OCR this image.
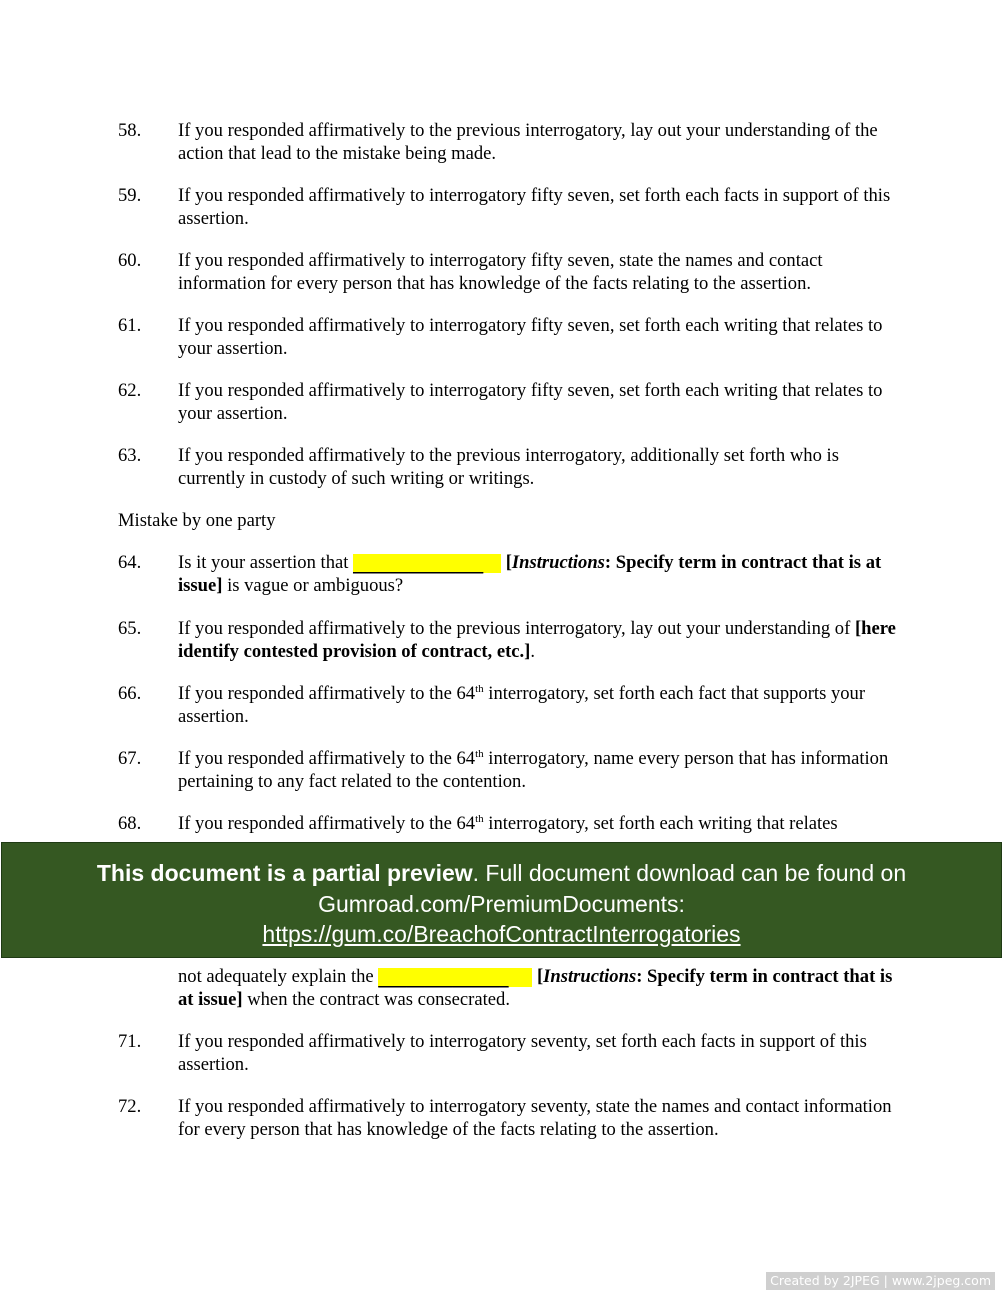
58.	If you responded affirmatively to the previous interrogatory, lay out your understanding of the action that lead to the mistake being made.
59.	If you responded affirmatively to interrogatory fifty seven, set forth each facts in support of this assertion.
60.	If you responded affirmatively to interrogatory fifty seven, state the names and contact information for every person that has knowledge of the facts relating to the assertion.
61.	If you responded affirmatively to interrogatory fifty seven, set forth each writing that relates to your assertion.
62.	If you responded affirmatively to interrogatory fifty seven, set forth each writing that relates to your assertion.
63.	If you responded affirmatively to the previous interrogatory, additionally set forth who is currently in custody of such writing or writings.
Mistake by one party
64.	Is it your assertion that ______________ [Instructions: Specify term in contract that is at issue] is vague or ambiguous?
65.	If you responded affirmatively to the previous interrogatory, lay out your understanding of [here identify contested provision of contract, etc.].
66.	If you responded affirmatively to the 64th interrogatory, set forth each fact that supports your assertion.
67.	If you responded affirmatively to the 64th interrogatory, name every person that has information pertaining to any fact related to the contention.
68.	If you responded affirmatively to the 64th interrogatory, set forth each writing that relates
not adequately explain the ______________ [Instructions: Specify term in contract that is at issue] when the contract was consecrated.
71.	If you responded affirmatively to interrogatory seventy, set forth each facts in support of this assertion.
72.	If you responded affirmatively to interrogatory seventy, state the names and contact information for every person that has knowledge of the facts relating to the assertion.
This document is a partial preview. Full document download can be found on Gumroad.com/PremiumDocuments:
https://gum.co/BreachofContractInterrogatories
Created by 2JPEG | www.2jpeg.com
